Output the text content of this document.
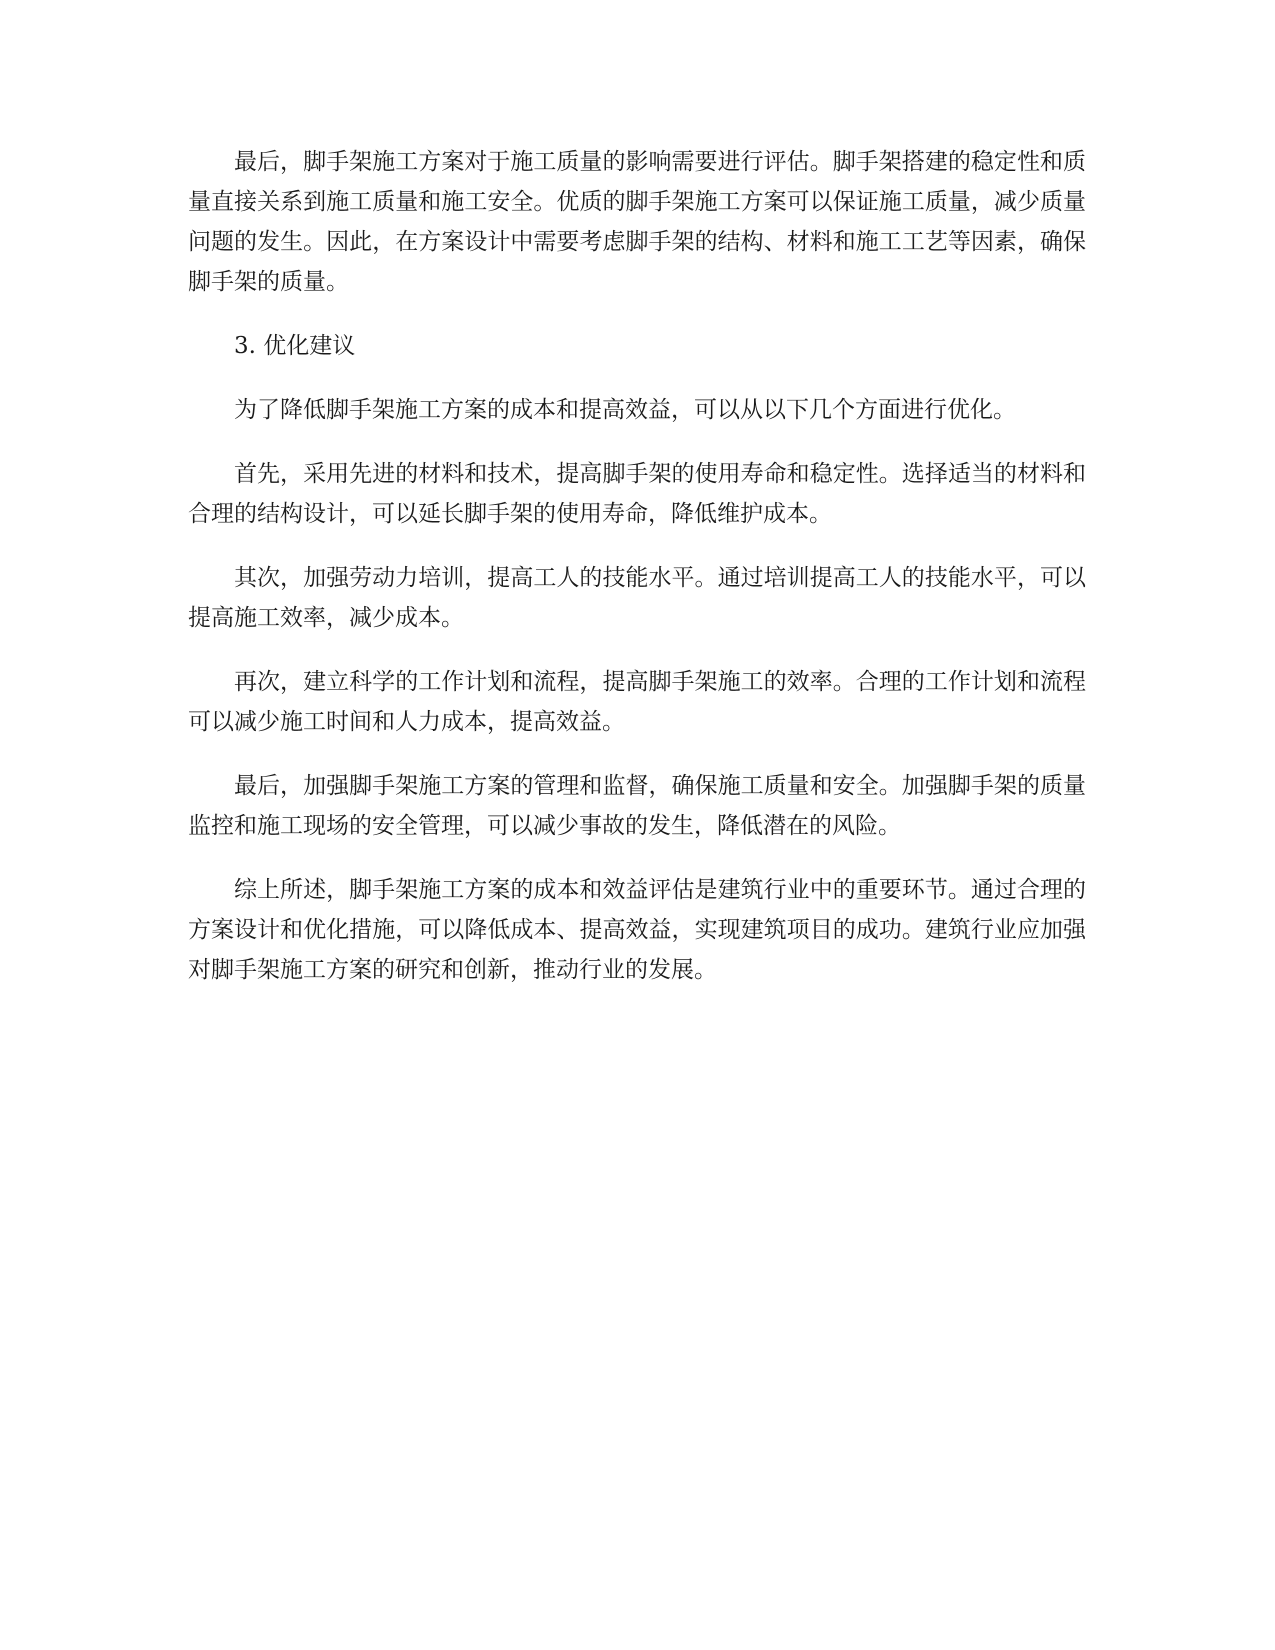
最后，脚手架施工方案对于施工质量的影响需要进行评估。脚手架搭建的稳定性和质量直接关系到施工质量和施工安全。优质的脚手架施工方案可以保证施工质量，减少质量问题的发生。因此，在方案设计中需要考虑脚手架的结构、材料和施工工艺等因素，确保脚手架的质量。

3. 优化建议

为了降低脚手架施工方案的成本和提高效益，可以从以下几个方面进行优化。

首先，采用先进的材料和技术，提高脚手架的使用寿命和稳定性。选择适当的材料和合理的结构设计，可以延长脚手架的使用寿命，降低维护成本。

其次，加强劳动力培训，提高工人的技能水平。通过培训提高工人的技能水平，可以提高施工效率，减少成本。

再次，建立科学的工作计划和流程，提高脚手架施工的效率。合理的工作计划和流程可以减少施工时间和人力成本，提高效益。

最后，加强脚手架施工方案的管理和监督，确保施工质量和安全。加强脚手架的质量监控和施工现场的安全管理，可以减少事故的发生，降低潜在的风险。

综上所述，脚手架施工方案的成本和效益评估是建筑行业中的重要环节。通过合理的方案设计和优化措施，可以降低成本、提高效益，实现建筑项目的成功。建筑行业应加强对脚手架施工方案的研究和创新，推动行业的发展。
